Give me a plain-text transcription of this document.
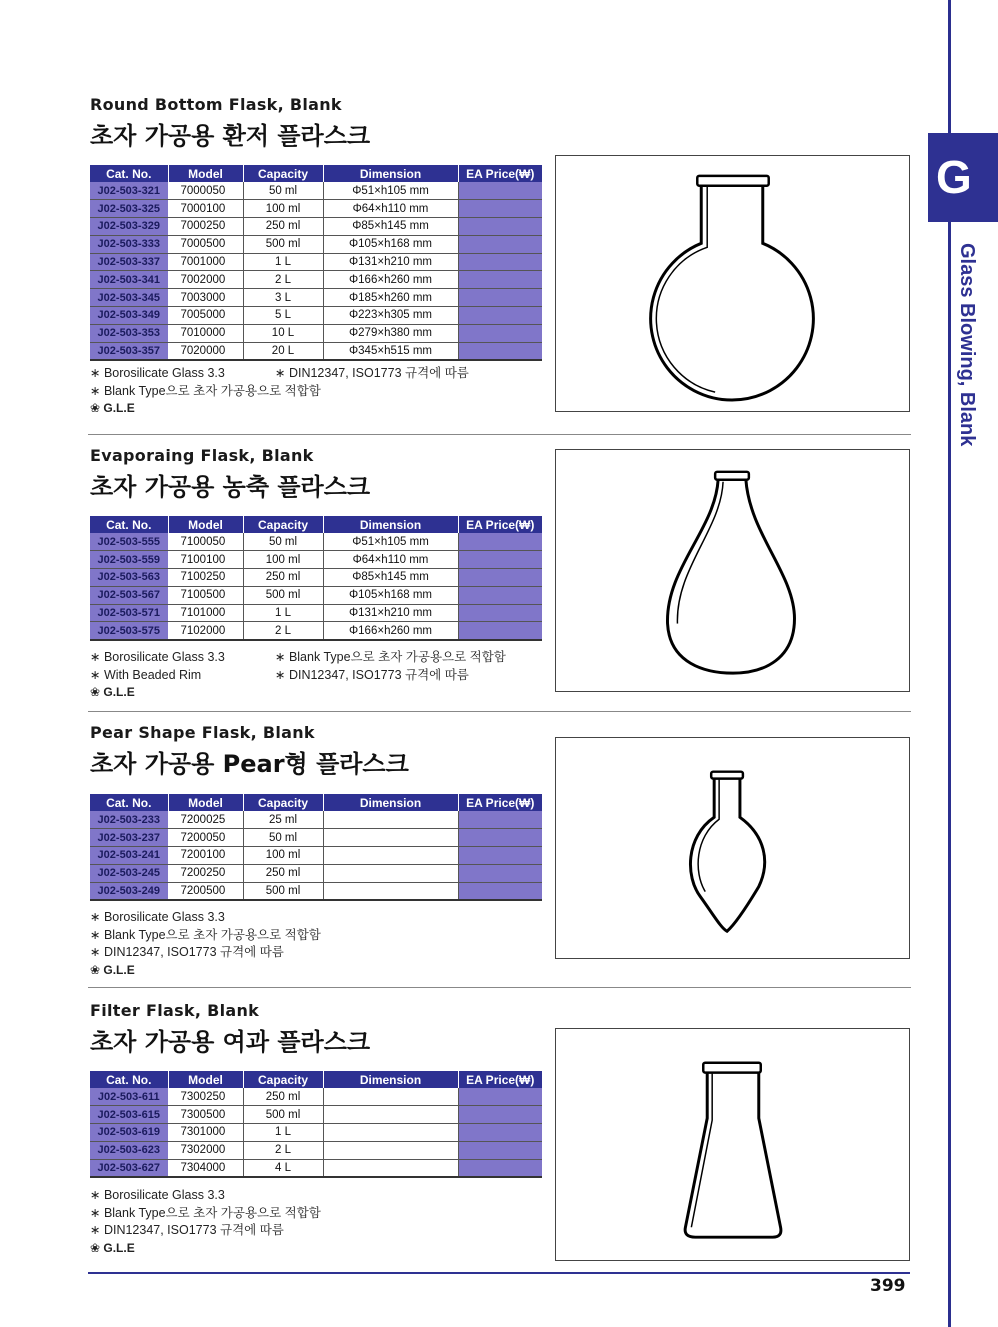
G
Glass Blowing, Blank
Round Bottom Flask, Blank
초자 가공용 환저 플라스크
Cat. No.	Model	Capacity	Dimension	EA Price(₩)
J02-503-321	7000050	50 ml	Φ51×h105 mm	
J02-503-325	7000100	100 ml	Φ64×h110 mm	
J02-503-329	7000250	250 ml	Φ85×h145 mm	
J02-503-333	7000500	500 ml	Φ105×h168 mm	
J02-503-337	7001000	1 L	Φ131×h210 mm	
J02-503-341	7002000	2 L	Φ166×h260 mm	
J02-503-345	7003000	3 L	Φ185×h260 mm	
J02-503-349	7005000	5 L	Φ223×h305 mm	
J02-503-353	7010000	10 L	Φ279×h380 mm	
J02-503-357	7020000	20 L	Φ345×h515 mm	
∗ Borosilicate Glass 3.3	∗ DIN12347, ISO1773 규격에 따름
∗ Blank Type으로 초자 가공용으로 적합함
❀ G.L.E
Evaporaing Flask, Blank
초자 가공용 농축 플라스크
Cat. No.	Model	Capacity	Dimension	EA Price(₩)
J02-503-555	7100050	50 ml	Φ51×h105 mm	
J02-503-559	7100100	100 ml	Φ64×h110 mm	
J02-503-563	7100250	250 ml	Φ85×h145 mm	
J02-503-567	7100500	500 ml	Φ105×h168 mm	
J02-503-571	7101000	1 L	Φ131×h210 mm	
J02-503-575	7102000	2 L	Φ166×h260 mm	
∗ Borosilicate Glass 3.3	∗ Blank Type으로 초자 가공용으로 적합함
∗ With Beaded Rim	∗ DIN12347, ISO1773 규격에 따름
❀ G.L.E
Pear Shape Flask, Blank
초자 가공용 Pear형 플라스크
Cat. No.	Model	Capacity	Dimension	EA Price(₩)
J02-503-233	7200025	25 ml		
J02-503-237	7200050	50 ml		
J02-503-241	7200100	100 ml		
J02-503-245	7200250	250 ml		
J02-503-249	7200500	500 ml		
∗ Borosilicate Glass 3.3
∗ Blank Type으로 초자 가공용으로 적합함
∗ DIN12347, ISO1773 규격에 따름
❀ G.L.E
Filter Flask, Blank
초자 가공용 여과 플라스크
Cat. No.	Model	Capacity	Dimension	EA Price(₩)
J02-503-611	7300250	250 ml		
J02-503-615	7300500	500 ml		
J02-503-619	7301000	1 L		
J02-503-623	7302000	2 L		
J02-503-627	7304000	4 L		
∗ Borosilicate Glass 3.3
∗ Blank Type으로 초자 가공용으로 적합함
∗ DIN12347, ISO1773 규격에 따름
❀ G.L.E
399
